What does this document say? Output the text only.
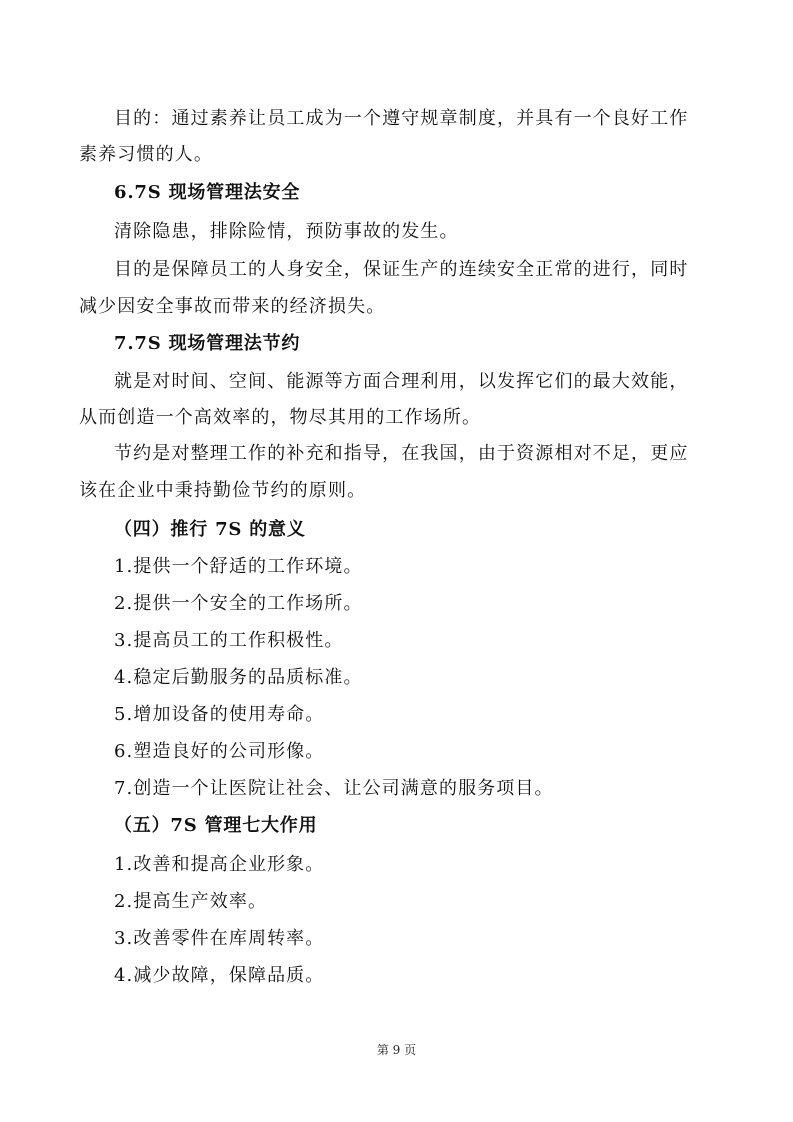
目的：通过素养让员工成为一个遵守规章制度，并具有一个良好工作
素养习惯的人。
6.7S 现场管理法安全
清除隐患，排除险情，预防事故的发生。
目的是保障员工的人身安全，保证生产的连续安全正常的进行，同时
减少因安全事故而带来的经济损失。
7.7S 现场管理法节约
就是对时间、空间、能源等方面合理利用，以发挥它们的最大效能，
从而创造一个高效率的，物尽其用的工作场所。
节约是对整理工作的补充和指导，在我国，由于资源相对不足，更应
该在企业中秉持勤俭节约的原则。
（四）推行 7S 的意义
1.提供一个舒适的工作环境。
2.提供一个安全的工作场所。
3.提高员工的工作积极性。
4.稳定后勤服务的品质标准。
5.增加设备的使用寿命。
6.塑造良好的公司形像。
7.创造一个让医院让社会、让公司满意的服务项目。
（五）7S 管理七大作用
1.改善和提高企业形象。
2.提高生产效率。
3.改善零件在库周转率。
4.减少故障，保障品质。
第 9 页
